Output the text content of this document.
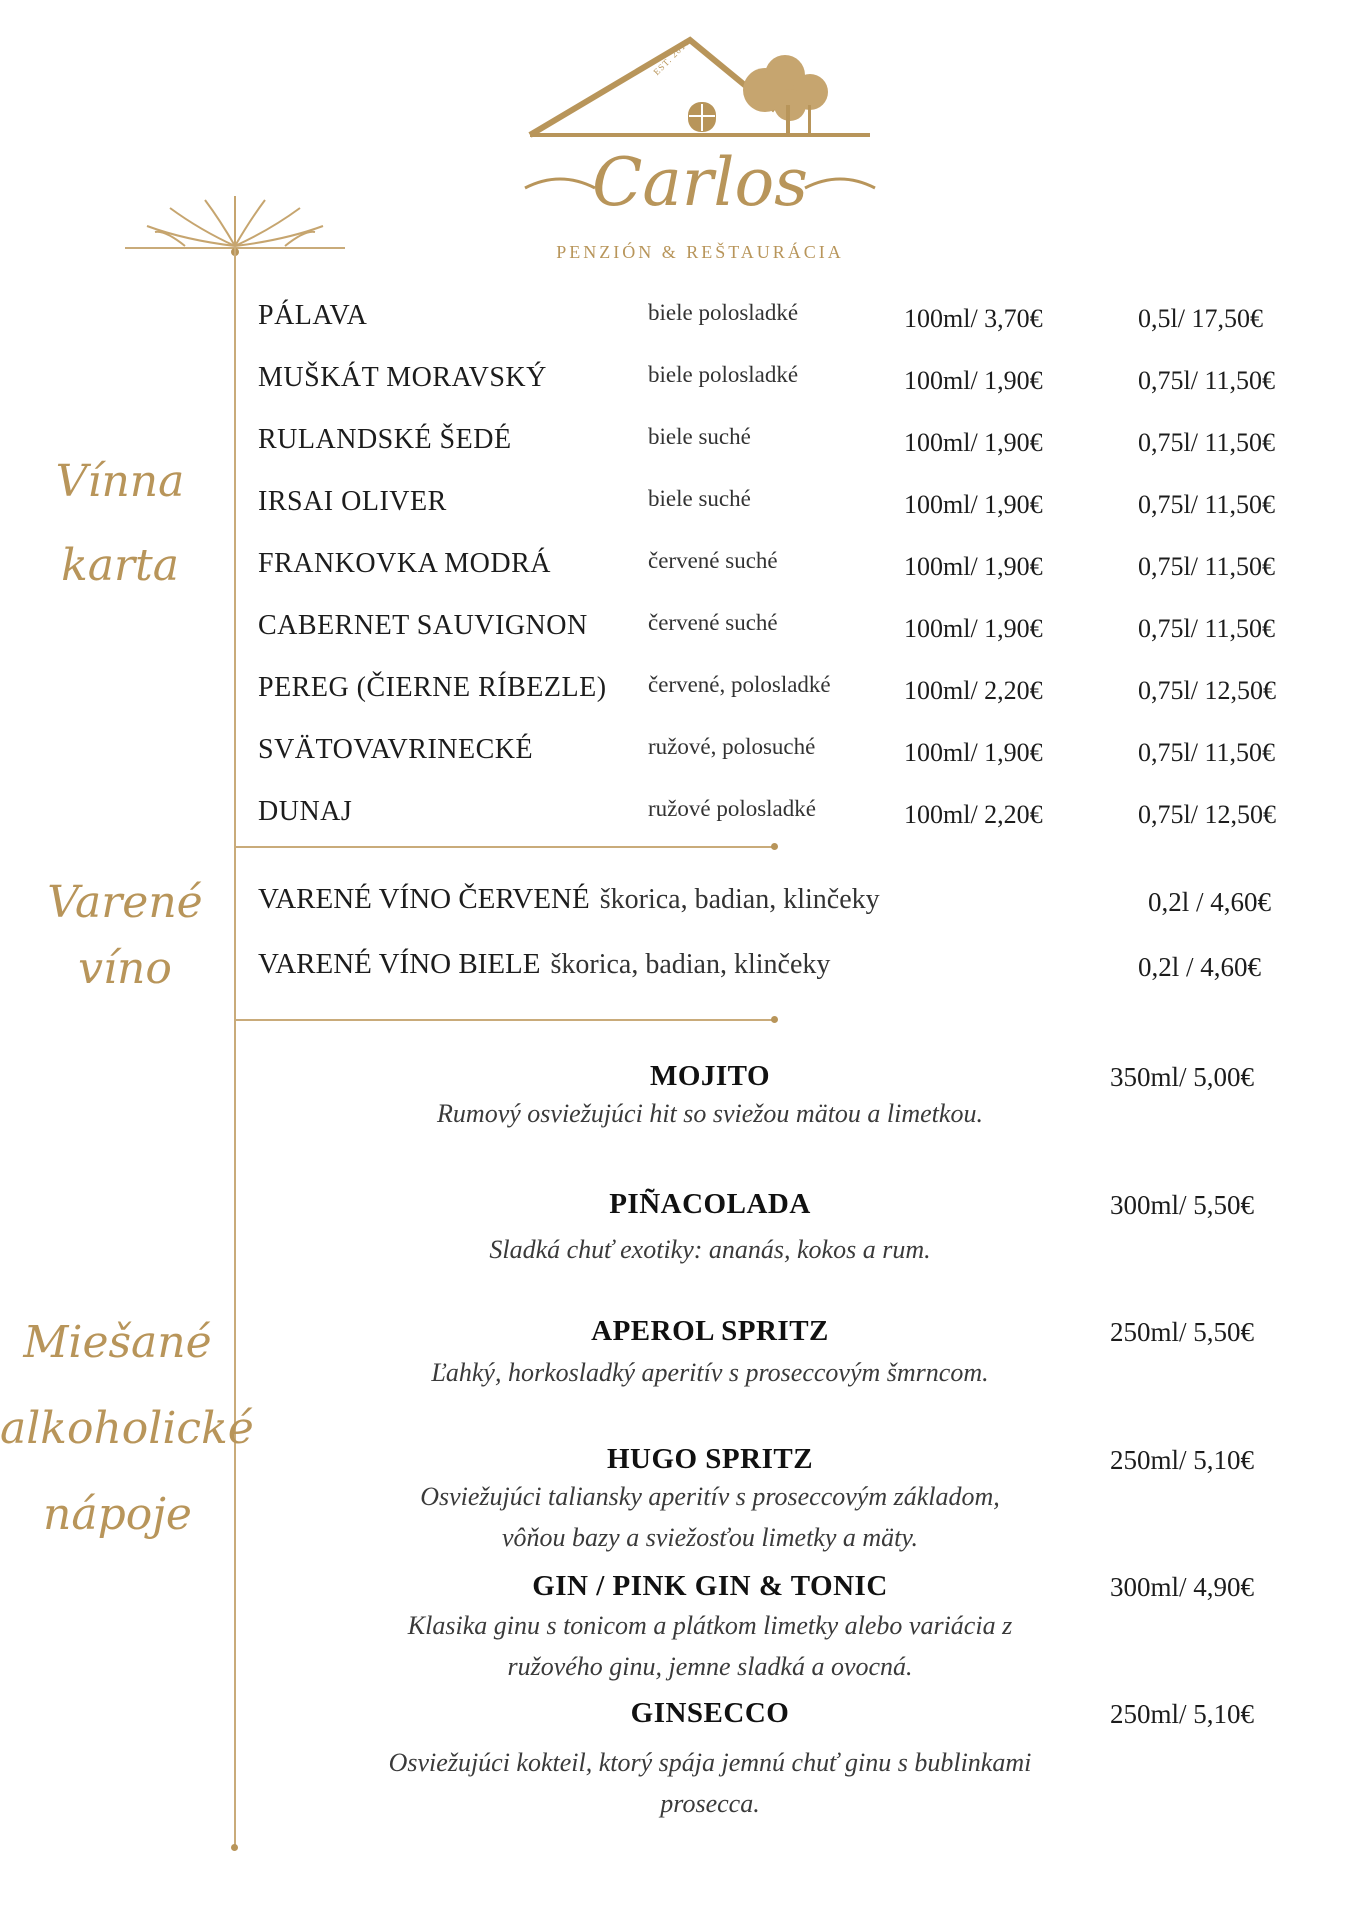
Carlos
PENZIÓN & REŠTAURÁCIA
EST. 2016
Vínna
karta
Varené
víno
Miešané
alkoholické
nápoje
PÁLAVA	biele polosladké	100ml/ 3,70€	0,5l/ 17,50€
MUŠKÁT MORAVSKÝ	biele polosladké	100ml/ 1,90€	0,75l/ 11,50€
RULANDSKÉ ŠEDÉ	biele suché	100ml/ 1,90€	0,75l/ 11,50€
IRSAI OLIVER	biele suché	100ml/ 1,90€	0,75l/ 11,50€
FRANKOVKA MODRÁ	červené suché	100ml/ 1,90€	0,75l/ 11,50€
CABERNET SAUVIGNON	červené suché	100ml/ 1,90€	0,75l/ 11,50€
PEREG (ČIERNE RÍBEZLE) červené, polosladké	100ml/ 2,20€	0,75l/ 12,50€
SVÄTOVAVRINECKÉ	ružové, polosuché	100ml/ 1,90€	0,75l/ 11,50€
DUNAJ	ružové polosladké	100ml/ 2,20€	0,75l/ 12,50€
VARENÉ VÍNO ČERVENÉ škorica, badian, klinčeky	0,2l / 4,60€
VARENÉ VÍNO BIELE škorica, badian, klinčeky	0,2l / 4,60€
MOJITO
Rumový osviežujúci hit so sviežou mätou a limetkou.
350ml/ 5,00€
PIÑACOLADA
Sladká chuť exotiky: ananás, kokos a rum.
300ml/ 5,50€
APEROL SPRITZ
Ľahký, horkosladký aperitív s proseccovým šmrncom.
250ml/ 5,50€
HUGO SPRITZ
Osviežujúci taliansky aperitív s proseccovým základom,
vôňou bazy a sviežosťou limetky a mäty.
250ml/ 5,10€
GIN / PINK GIN & TONIC
Klasika ginu s tonicom a plátkom limetky alebo variácia z
ružového ginu, jemne sladká a ovocná.
300ml/ 4,90€
GINSECCO
Osviežujúci kokteil, ktorý spája jemnú chuť ginu s bublinkami
prosecca.
250ml/ 5,10€
